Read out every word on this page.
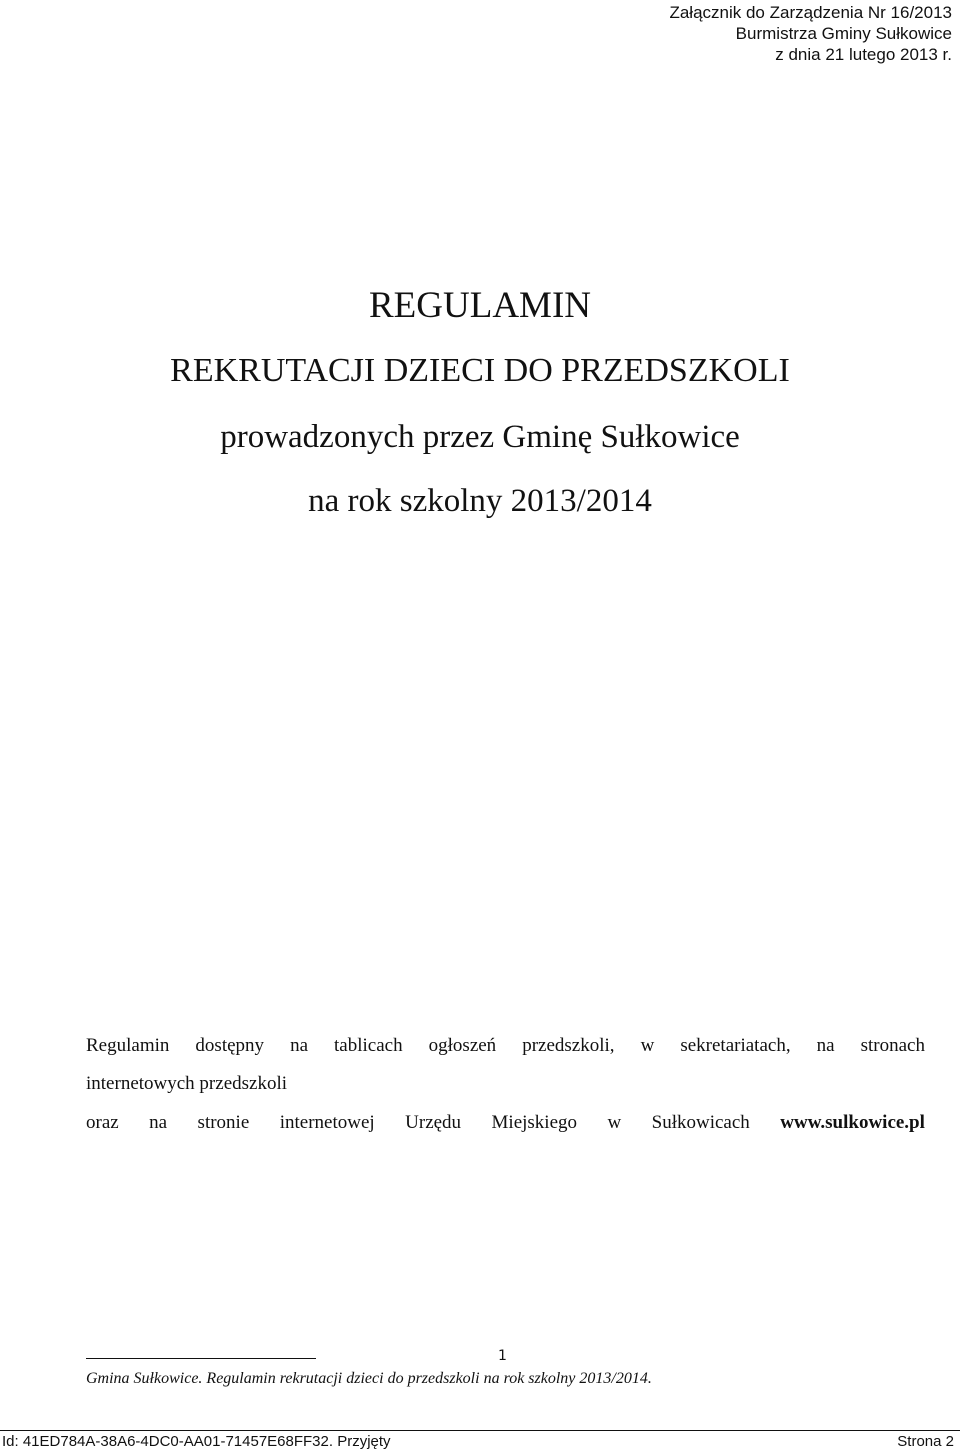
Załącznik do Zarządzenia Nr 16/2013
Burmistrza Gminy Sułkowice
z dnia 21 lutego 2013 r.
REGULAMIN
REKRUTACJI DZIECI DO PRZEDSZKOLI
prowadzonych przez Gminę Sułkowice
na rok szkolny 2013/2014
Regulamin dostępny na tablicach ogłoszeń przedszkoli, w sekretariatach, na stronach
internetowych przedszkoli
oraz na stronie internetowej Urzędu Miejskiego w Sułkowicach www.sulkowice.pl
1
Gmina Sułkowice. Regulamin rekrutacji dzieci do przedszkoli na rok szkolny 2013/2014.
Id: 41ED784A-38A6-4DC0-AA01-71457E68FF32. Przyjęty	Strona 2
